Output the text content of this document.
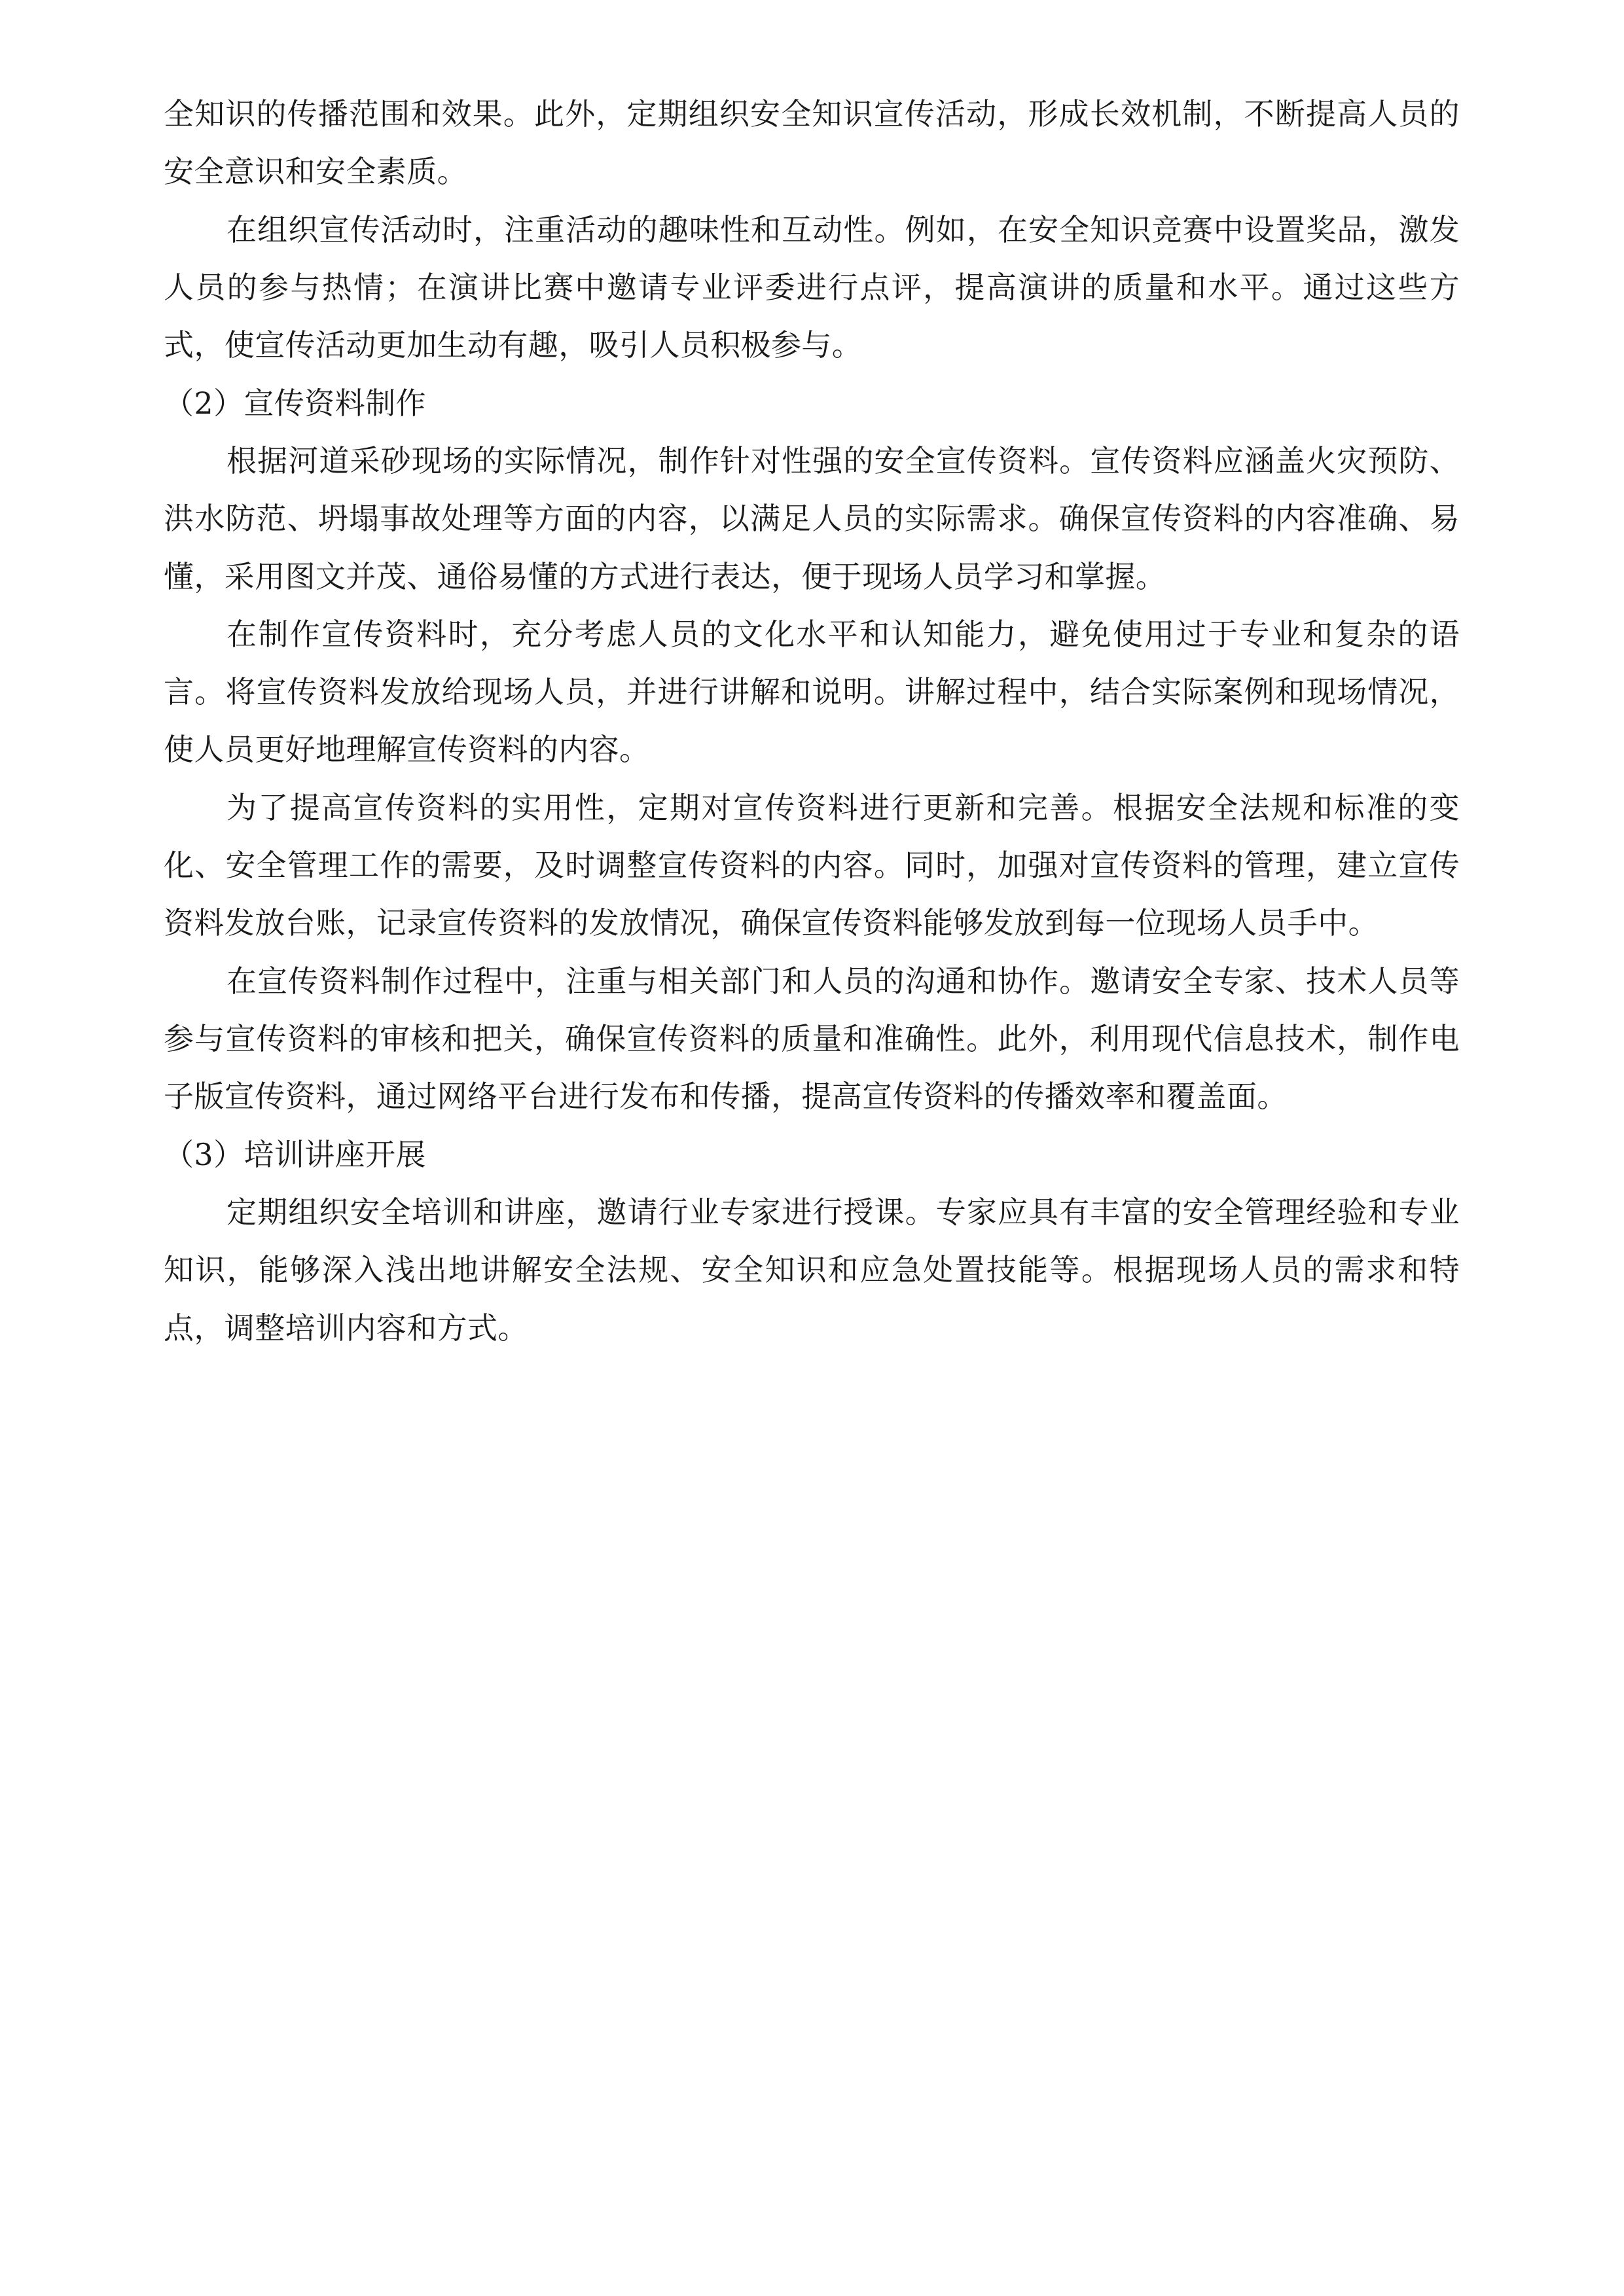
全知识的传播范围和效果。此外，定期组织安全知识宣传活动，形成长效机制，不断提高人员的安全意识和安全素质。

在组织宣传活动时，注重活动的趣味性和互动性。例如，在安全知识竞赛中设置奖品，激发人员的参与热情；在演讲比赛中邀请专业评委进行点评，提高演讲的质量和水平。通过这些方式，使宣传活动更加生动有趣，吸引人员积极参与。

（2）宣传资料制作

根据河道采砂现场的实际情况，制作针对性强的安全宣传资料。宣传资料应涵盖火灾预防、洪水防范、坍塌事故处理等方面的内容，以满足人员的实际需求。确保宣传资料的内容准确、易懂，采用图文并茂、通俗易懂的方式进行表达，便于现场人员学习和掌握。

在制作宣传资料时，充分考虑人员的文化水平和认知能力，避免使用过于专业和复杂的语言。将宣传资料发放给现场人员，并进行讲解和说明。讲解过程中，结合实际案例和现场情况，使人员更好地理解宣传资料的内容。

为了提高宣传资料的实用性，定期对宣传资料进行更新和完善。根据安全法规和标准的变化、安全管理工作的需要，及时调整宣传资料的内容。同时，加强对宣传资料的管理，建立宣传资料发放台账，记录宣传资料的发放情况，确保宣传资料能够发放到每一位现场人员手中。

在宣传资料制作过程中，注重与相关部门和人员的沟通和协作。邀请安全专家、技术人员等参与宣传资料的审核和把关，确保宣传资料的质量和准确性。此外，利用现代信息技术，制作电子版宣传资料，通过网络平台进行发布和传播，提高宣传资料的传播效率和覆盖面。

（3）培训讲座开展

定期组织安全培训和讲座，邀请行业专家进行授课。专家应具有丰富的安全管理经验和专业知识，能够深入浅出地讲解安全法规、安全知识和应急处置技能等。根据现场人员的需求和特点，调整培训内容和方式。
